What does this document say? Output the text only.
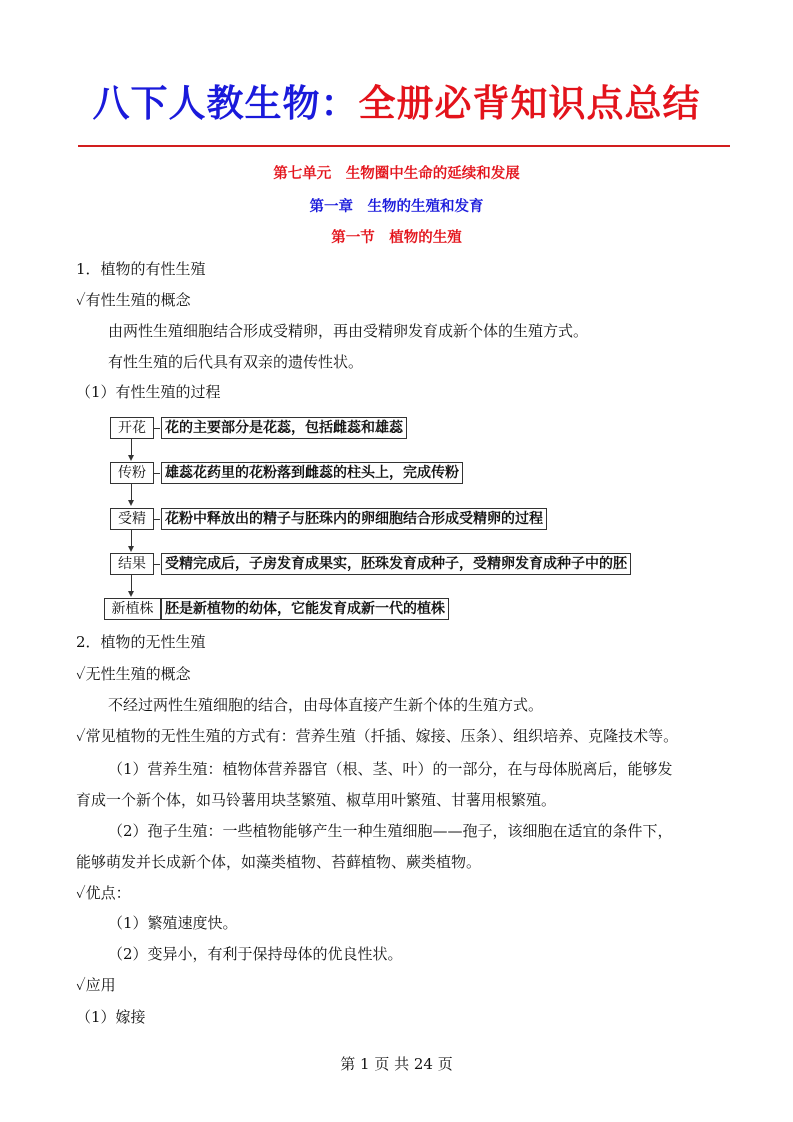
八下人教生物：全册必背知识点总结
第七单元　生物圈中生命的延续和发展
第一章　生物的生殖和发育
第一节　植物的生殖
1．植物的有性生殖
✓有性生殖的概念
由两性生殖细胞结合形成受精卵，再由受精卵发育成新个体的生殖方式。
有性生殖的后代具有双亲的遗传性状。
（1）有性生殖的过程
开花	花的主要部分是花蕊，包括雌蕊和雄蕊
传粉	雄蕊花药里的花粉落到雌蕊的柱头上，完成传粉
受精	花粉中释放出的精子与胚珠内的卵细胞结合形成受精卵的过程
结果	受精完成后，子房发育成果实，胚珠发育成种子，受精卵发育成种子中的胚
新植株 胚是新植物的幼体，它能发育成新一代的植株
2．植物的无性生殖
✓无性生殖的概念
不经过两性生殖细胞的结合，由母体直接产生新个体的生殖方式。
✓常见植物的无性生殖的方式有：营养生殖（扦插、嫁接、压条）、组织培养、克隆技术等。
（1）营养生殖：植物体营养器官（根、茎、叶）的一部分，在与母体脱离后，能够发
育成一个新个体，如马铃薯用块茎繁殖、椒草用叶繁殖、甘薯用根繁殖。
（2）孢子生殖：一些植物能够产生一种生殖细胞——孢子，该细胞在适宜的条件下，
能够萌发并长成新个体，如藻类植物、苔藓植物、蕨类植物。
✓优点：
（1）繁殖速度快。
（2）变异小，有利于保持母体的优良性状。
✓应用
（1）嫁接
第 1 页 共 24 页
